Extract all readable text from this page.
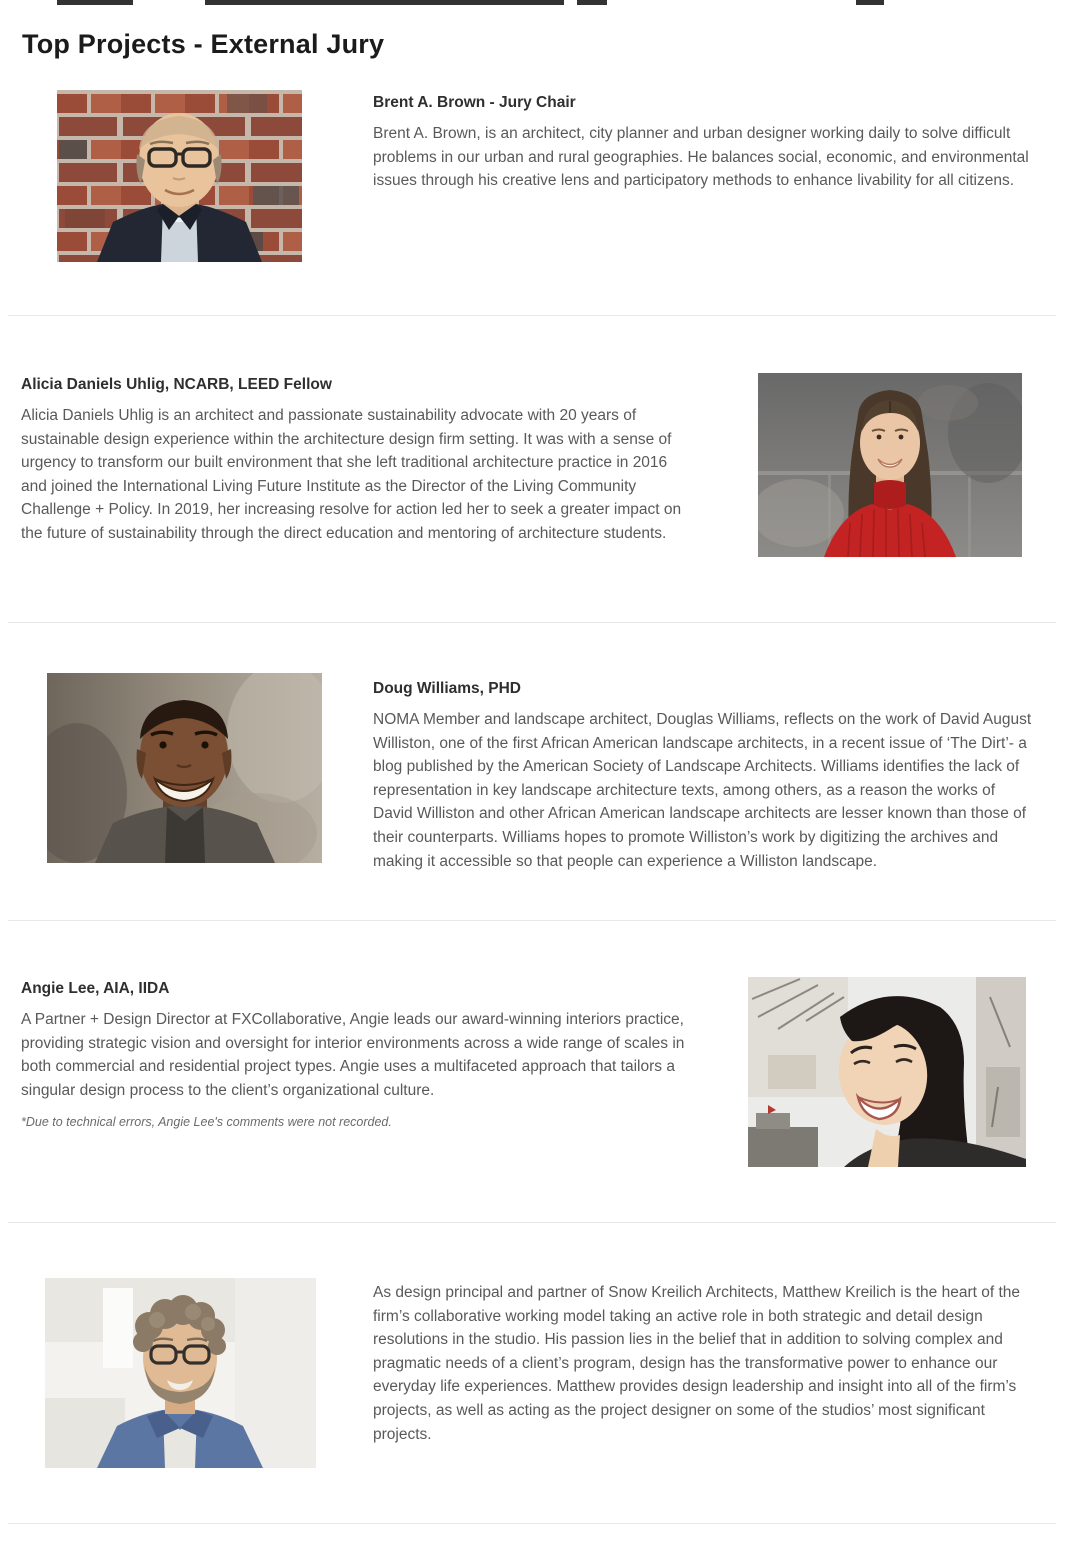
Top Projects - External Jury
Brent A. Brown - Jury Chair

Brent A. Brown, is an architect, city planner and urban designer working daily to solve difficult problems in our urban and rural geographies. He balances social, economic, and environmental issues through his creative lens and participatory methods to enhance livability for all citizens.

Alicia Daniels Uhlig, NCARB, LEED Fellow

Alicia Daniels Uhlig is an architect and passionate sustainability advocate with 20 years of sustainable design experience within the architecture design firm setting. It was with a sense of urgency to transform our built environment that she left traditional architecture practice in 2016 and joined the International Living Future Institute as the Director of the Living Community Challenge + Policy. In 2019, her increasing resolve for action led her to seek a greater impact on the future of sustainability through the direct education and mentoring of architecture students.

Doug Williams, PHD

NOMA Member and landscape architect, Douglas Williams, reflects on the work of David August Williston, one of the first African American landscape architects, in a recent issue of ‘The Dirt’- a blog published by the American Society of Landscape Architects. Williams identifies the lack of representation in key landscape architecture texts, among others, as a reason the works of David Williston and other African American landscape architects are lesser known than those of their counterparts. Williams hopes to promote Williston’s work by digitizing the archives and making it accessible so that people can experience a Williston landscape.

Angie Lee, AIA, IIDA

A Partner + Design Director at FXCollaborative, Angie leads our award-winning interiors practice, providing strategic vision and oversight for interior environments across a wide range of scales in both commercial and residential project types. Angie uses a multifaceted approach that tailors a singular design process to the client’s organizational culture.

*Due to technical errors, Angie Lee's comments were not recorded.

As design principal and partner of Snow Kreilich Architects, Matthew Kreilich is the heart of the firm’s collaborative working model taking an active role in both strategic and detail design resolutions in the studio. His passion lies in the belief that in addition to solving complex and pragmatic needs of a client’s program, design has the transformative power to enhance our everyday life experiences. Matthew provides design leadership and insight into all of the firm’s projects, as well as acting as the project designer on some of the studios’ most significant projects.
